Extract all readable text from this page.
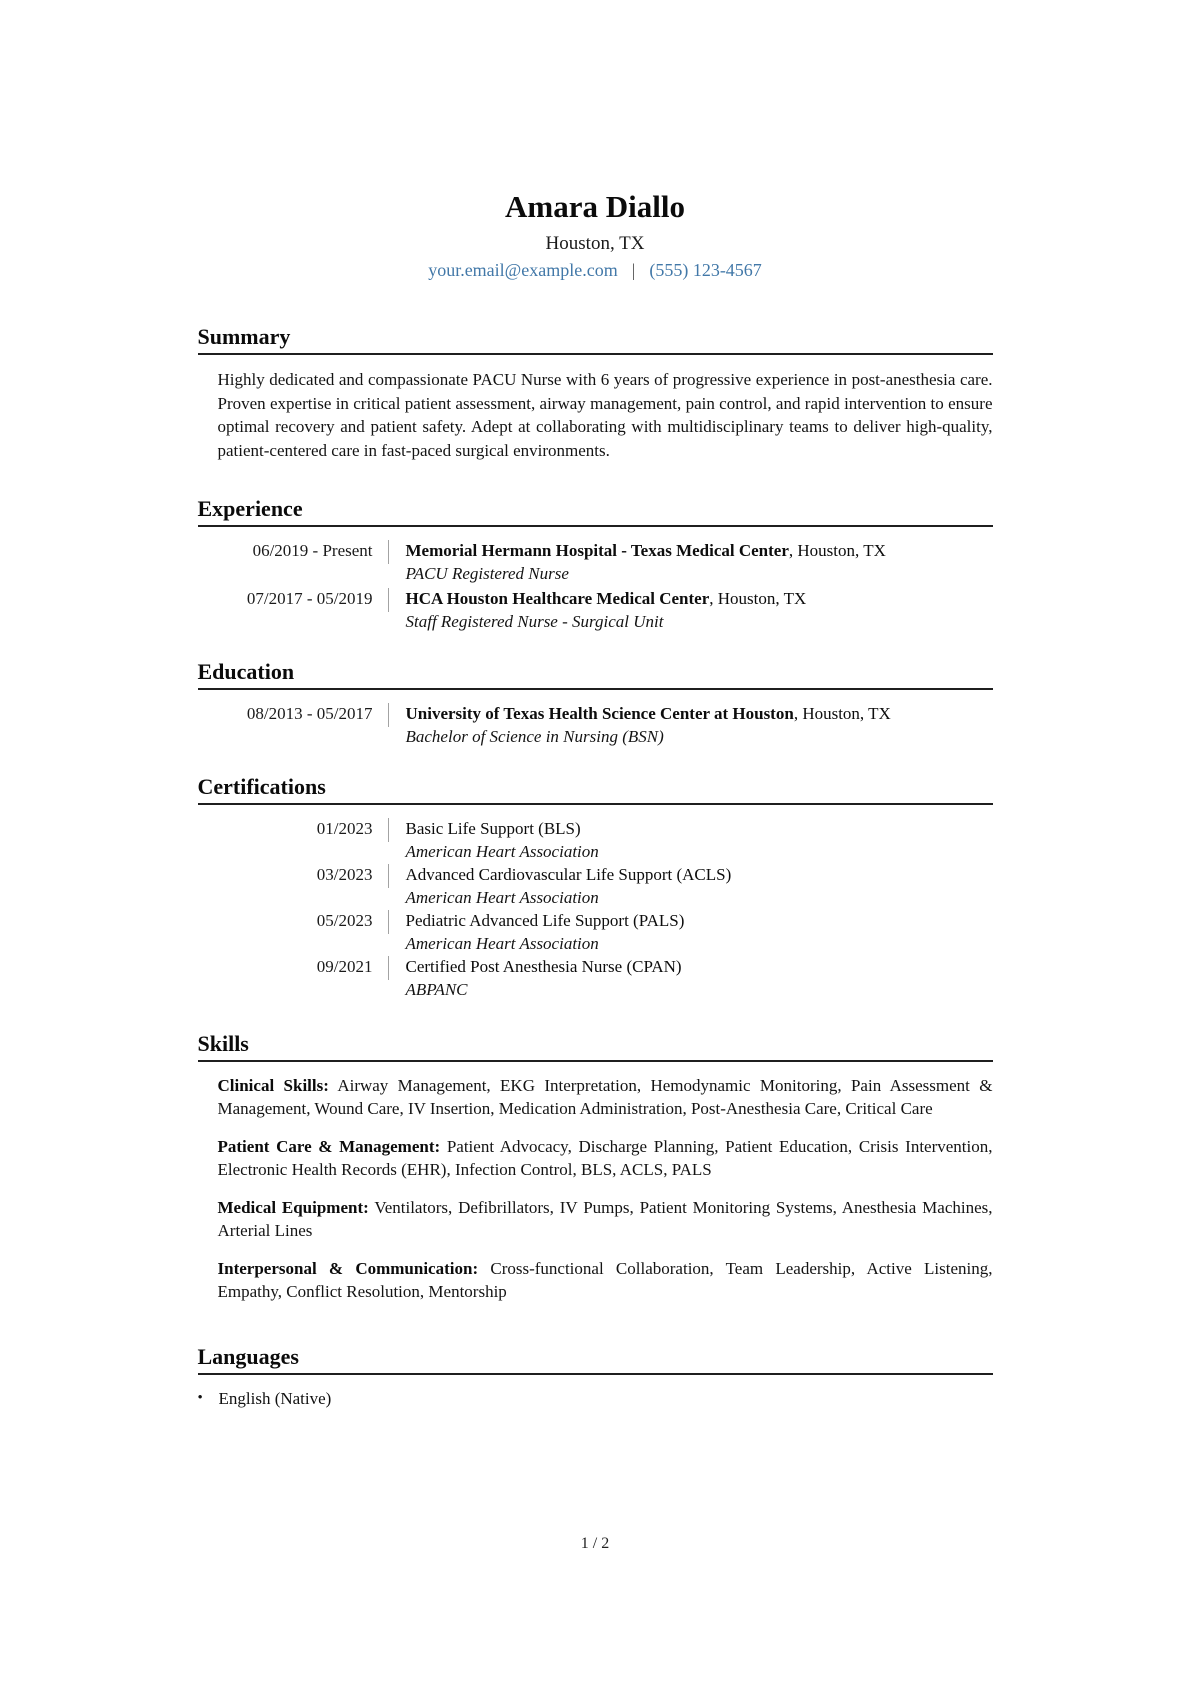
Amara Diallo
Houston, TX
your.email@example.com | (555) 123-4567
Summary
Highly dedicated and compassionate PACU Nurse with 6 years of progressive experience in post-anesthesia care. Proven expertise in critical patient assessment, airway management, pain control, and rapid intervention to ensure optimal recovery and patient safety. Adept at collaborating with multidisciplinary teams to deliver high-quality, patient-centered care in fast-paced surgical environments.
Experience
06/2019 - Present Memorial Hermann Hospital - Texas Medical Center, Houston, TX
PACU Registered Nurse
07/2017 - 05/2019 HCA Houston Healthcare Medical Center, Houston, TX
Staff Registered Nurse - Surgical Unit
Education
08/2013 - 05/2017 University of Texas Health Science Center at Houston, Houston, TX
Bachelor of Science in Nursing (BSN)
Certifications
01/2023 Basic Life Support (BLS)
American Heart Association
03/2023 Advanced Cardiovascular Life Support (ACLS)
American Heart Association
05/2023 Pediatric Advanced Life Support (PALS)
American Heart Association
09/2021 Certified Post Anesthesia Nurse (CPAN)
ABPANC
Skills
Clinical Skills: Airway Management, EKG Interpretation, Hemodynamic Monitoring, Pain Assessment & Management, Wound Care, IV Insertion, Medication Administration, Post-Anesthesia Care, Critical Care
Patient Care & Management: Patient Advocacy, Discharge Planning, Patient Education, Crisis Intervention, Electronic Health Records (EHR), Infection Control, BLS, ACLS, PALS
Medical Equipment: Ventilators, Defibrillators, IV Pumps, Patient Monitoring Systems, Anesthesia Machines, Arterial Lines
Interpersonal & Communication: Cross-functional Collaboration, Team Leadership, Active Listening, Empathy, Conflict Resolution, Mentorship
Languages
• English (Native)
1 / 2
